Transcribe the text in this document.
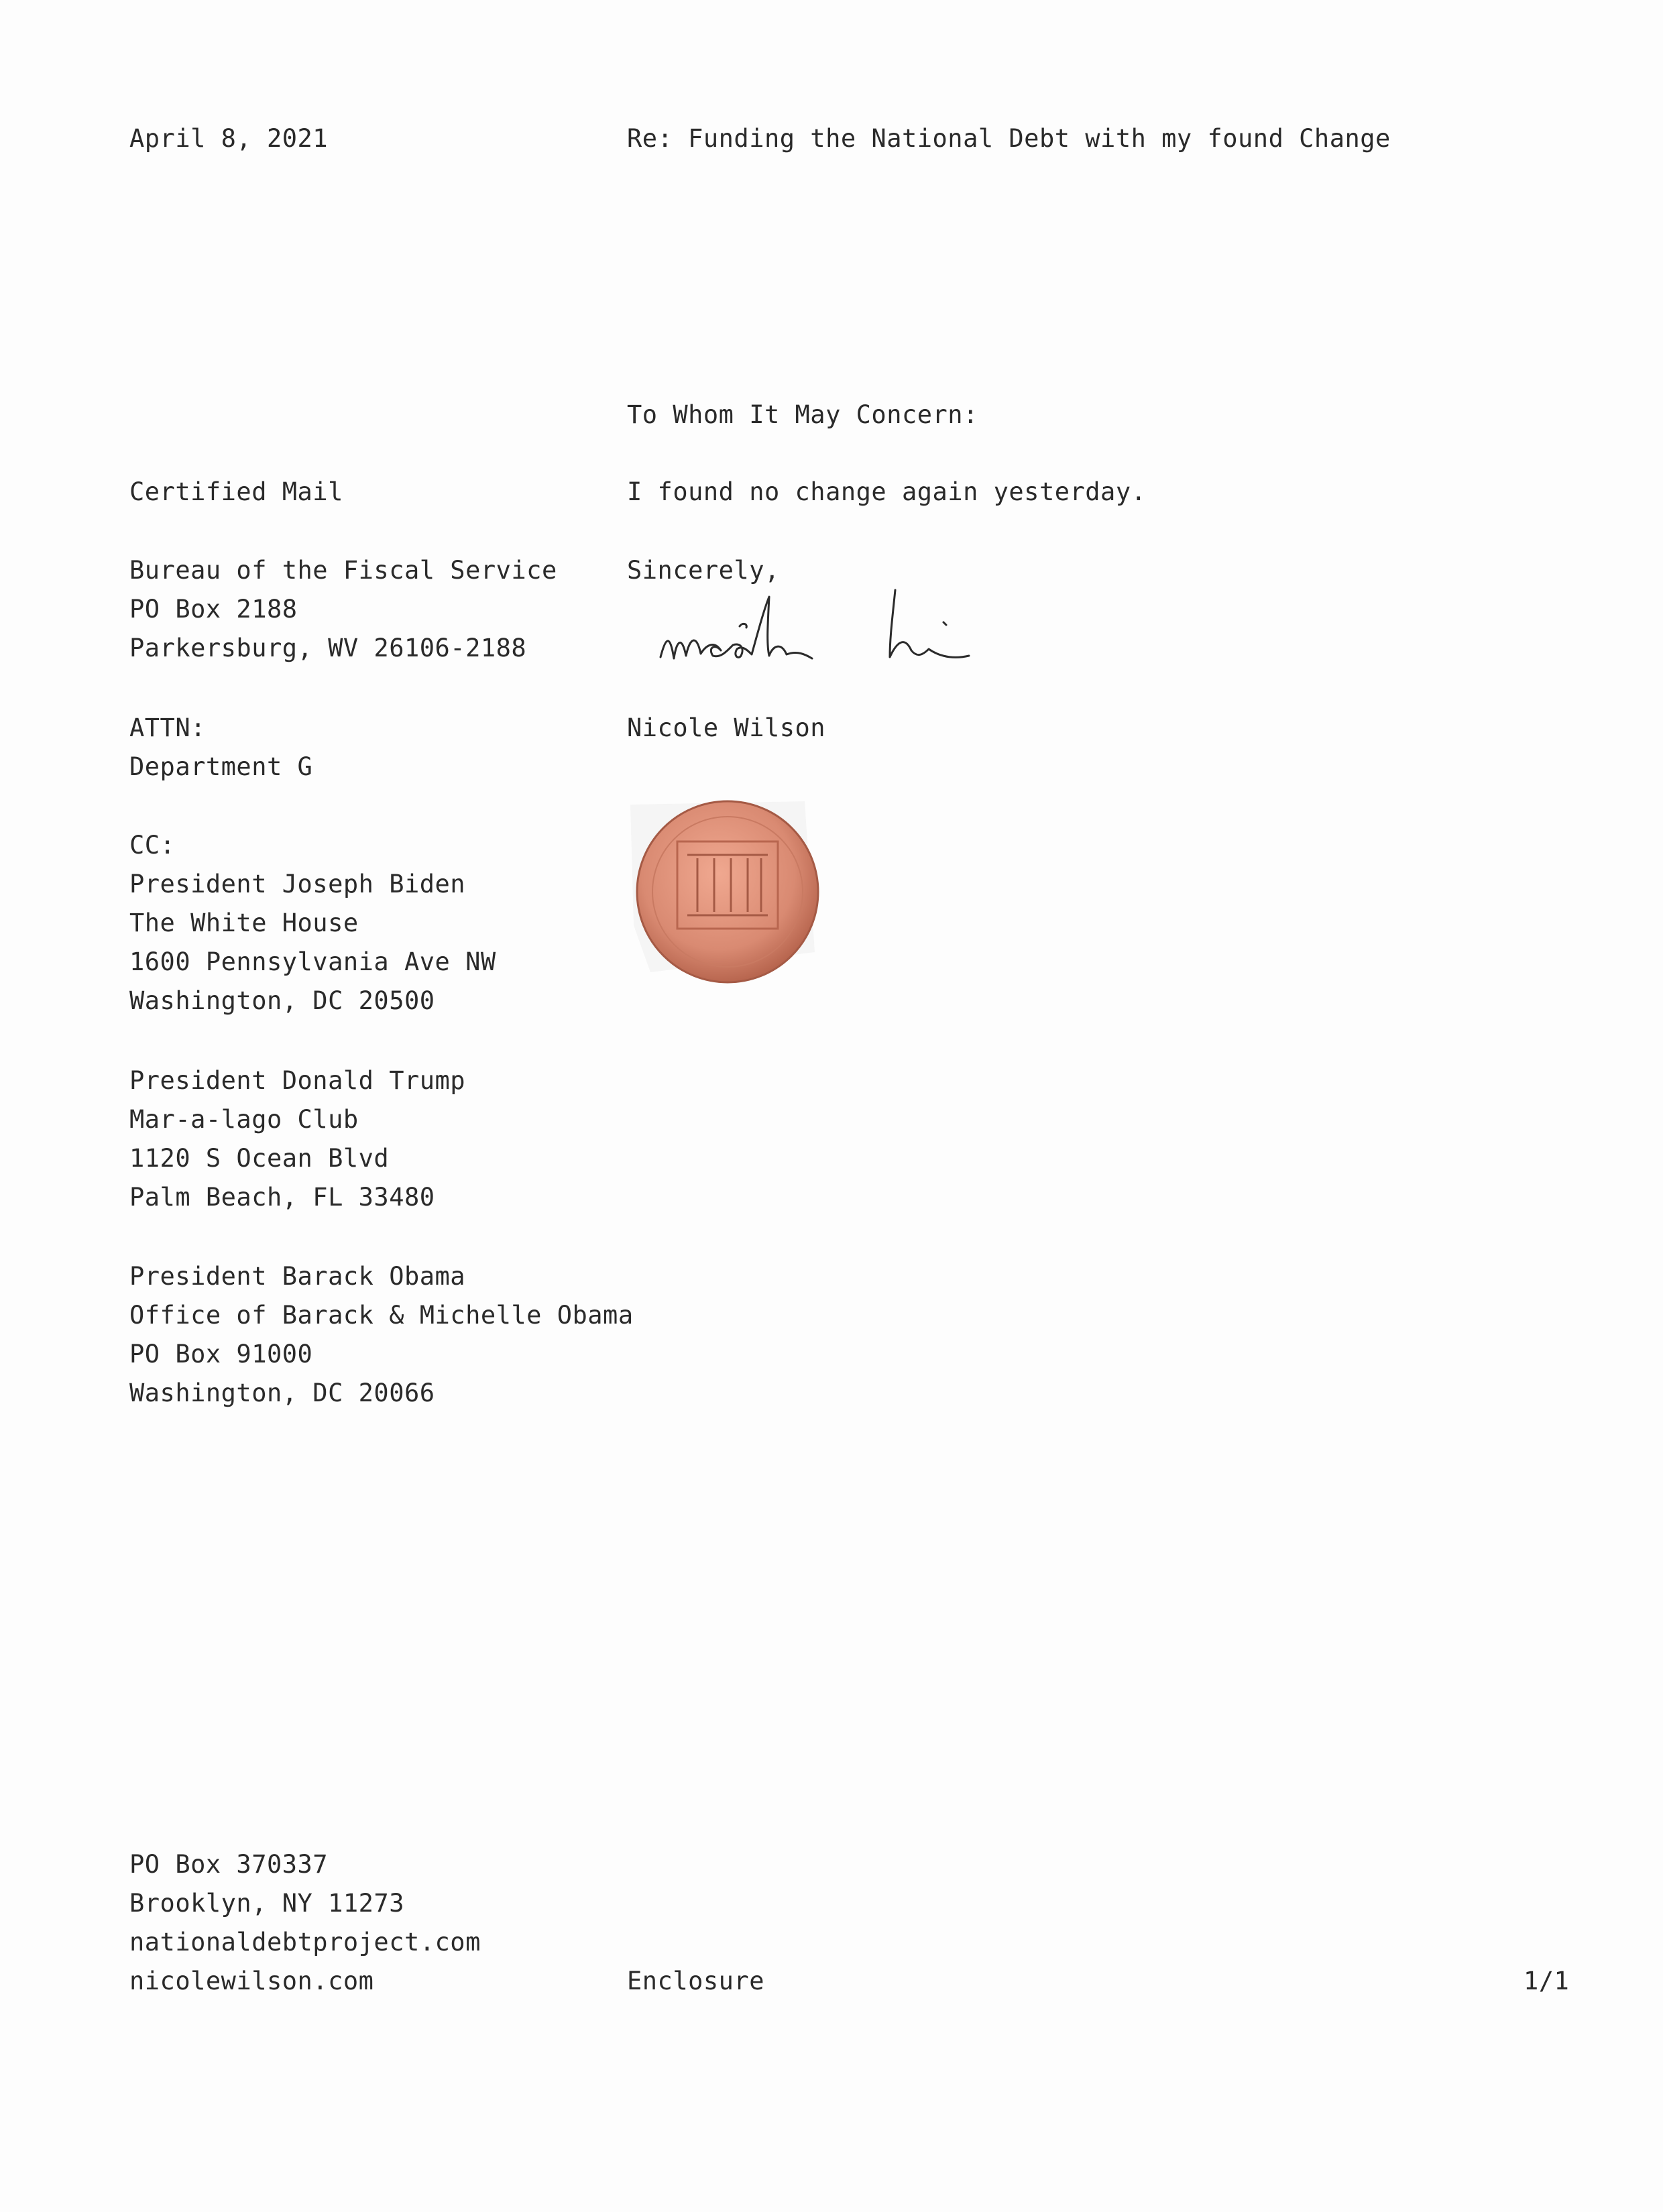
April 8, 2021	Re: Funding the National Debt with my found Change
To Whom It May Concern:
I found no change again yesterday.
Sincerely,
Nicole Wilson
Certified Mail
Bureau of the Fiscal Service
PO Box 2188
Parkersburg, WV 26106-2188
ATTN:
Department G
CC:
President Joseph Biden
The White House
1600 Pennsylvania Ave NW
Washington, DC 20500
President Donald Trump
Mar-a-lago Club
1120 S Ocean Blvd
Palm Beach, FL 33480
President Barack Obama
Office of Barack & Michelle Obama
PO Box 91000
Washington, DC 20066
PO Box 370337
Brooklyn, NY 11273
nationaldebtproject.com
nicolewilson.com	Enclosure	1/1
